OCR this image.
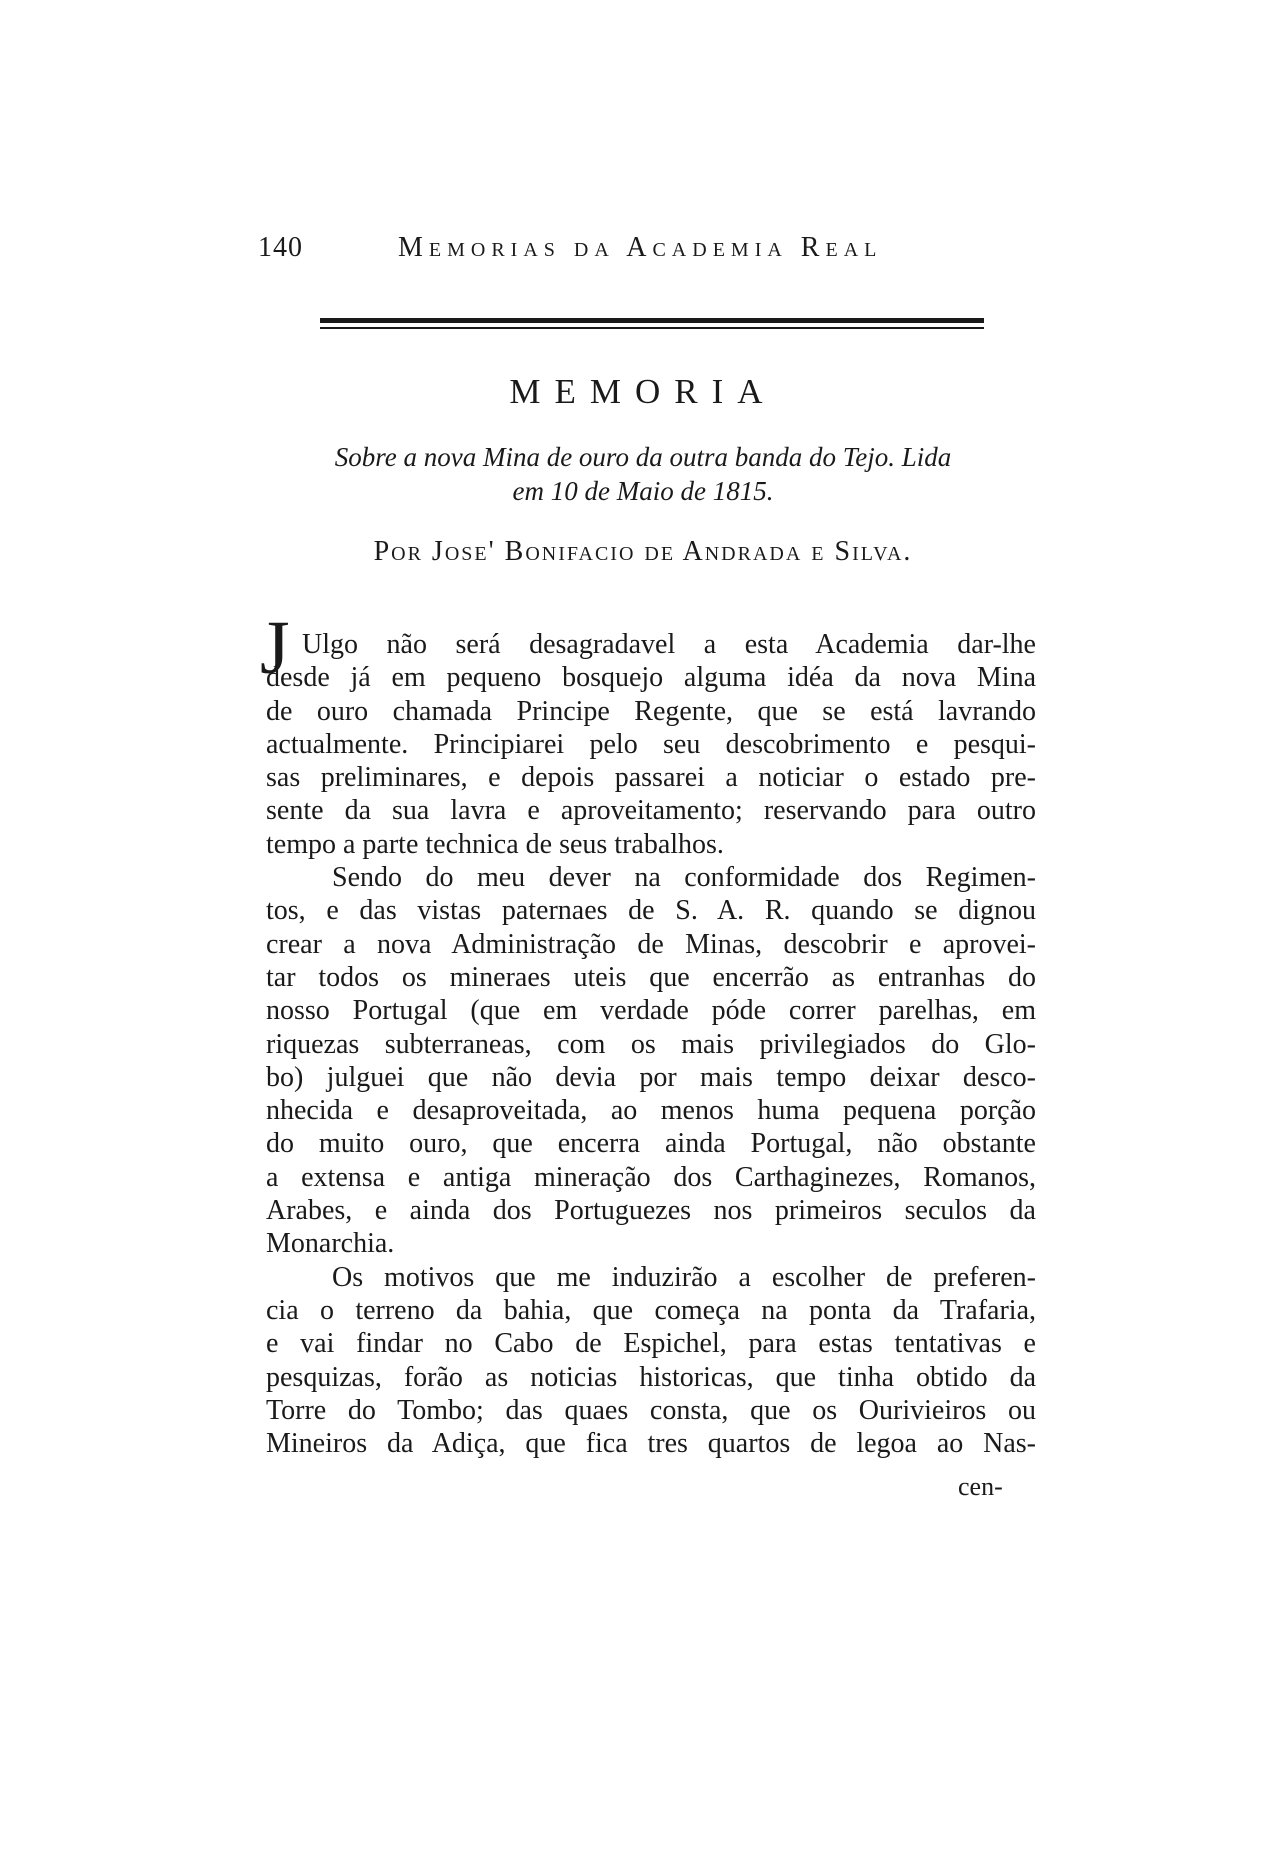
140	Memorias da Academia Real
MEMORIA
Sobre a nova Mina de ouro da outra banda do Tejo. Lida
em 10 de Maio de 1815.
Por Jose' Bonifacio de Andrada e Silva.
J Ulgo não será desagradavel a esta Academia dar-lhe
desde já em pequeno bosquejo alguma idéa da nova Mina
de ouro chamada Principe Regente, que se está lavrando
actualmente. Principiarei pelo seu descobrimento e pesqui-
sas preliminares, e depois passarei a noticiar o estado pre-
sente da sua lavra e aproveitamento; reservando para outro
tempo a parte technica de seus trabalhos.
Sendo do meu dever na conformidade dos Regimen-
tos, e das vistas paternaes de S. A. R. quando se dignou
crear a nova Administração de Minas, descobrir e aprovei-
tar todos os mineraes uteis que encerrão as entranhas do
nosso Portugal (que em verdade póde correr parelhas, em
riquezas subterraneas, com os mais privilegiados do Glo-
bo) julguei que não devia por mais tempo deixar desco-
nhecida e desaproveitada, ao menos huma pequena porção
do muito ouro, que encerra ainda Portugal, não obstante
a extensa e antiga mineração dos Carthaginezes, Romanos,
Arabes, e ainda dos Portuguezes nos primeiros seculos da
Monarchia.
Os motivos que me induzirão a escolher de preferen-
cia o terreno da bahia, que começa na ponta da Trafaria,
e vai findar no Cabo de Espichel, para estas tentativas e
pesquizas, forão as noticias historicas, que tinha obtido da
Torre do Tombo; das quaes consta, que os Ourivieiros ou
Mineiros da Adiça, que fica tres quartos de legoa ao Nas-
cen-
